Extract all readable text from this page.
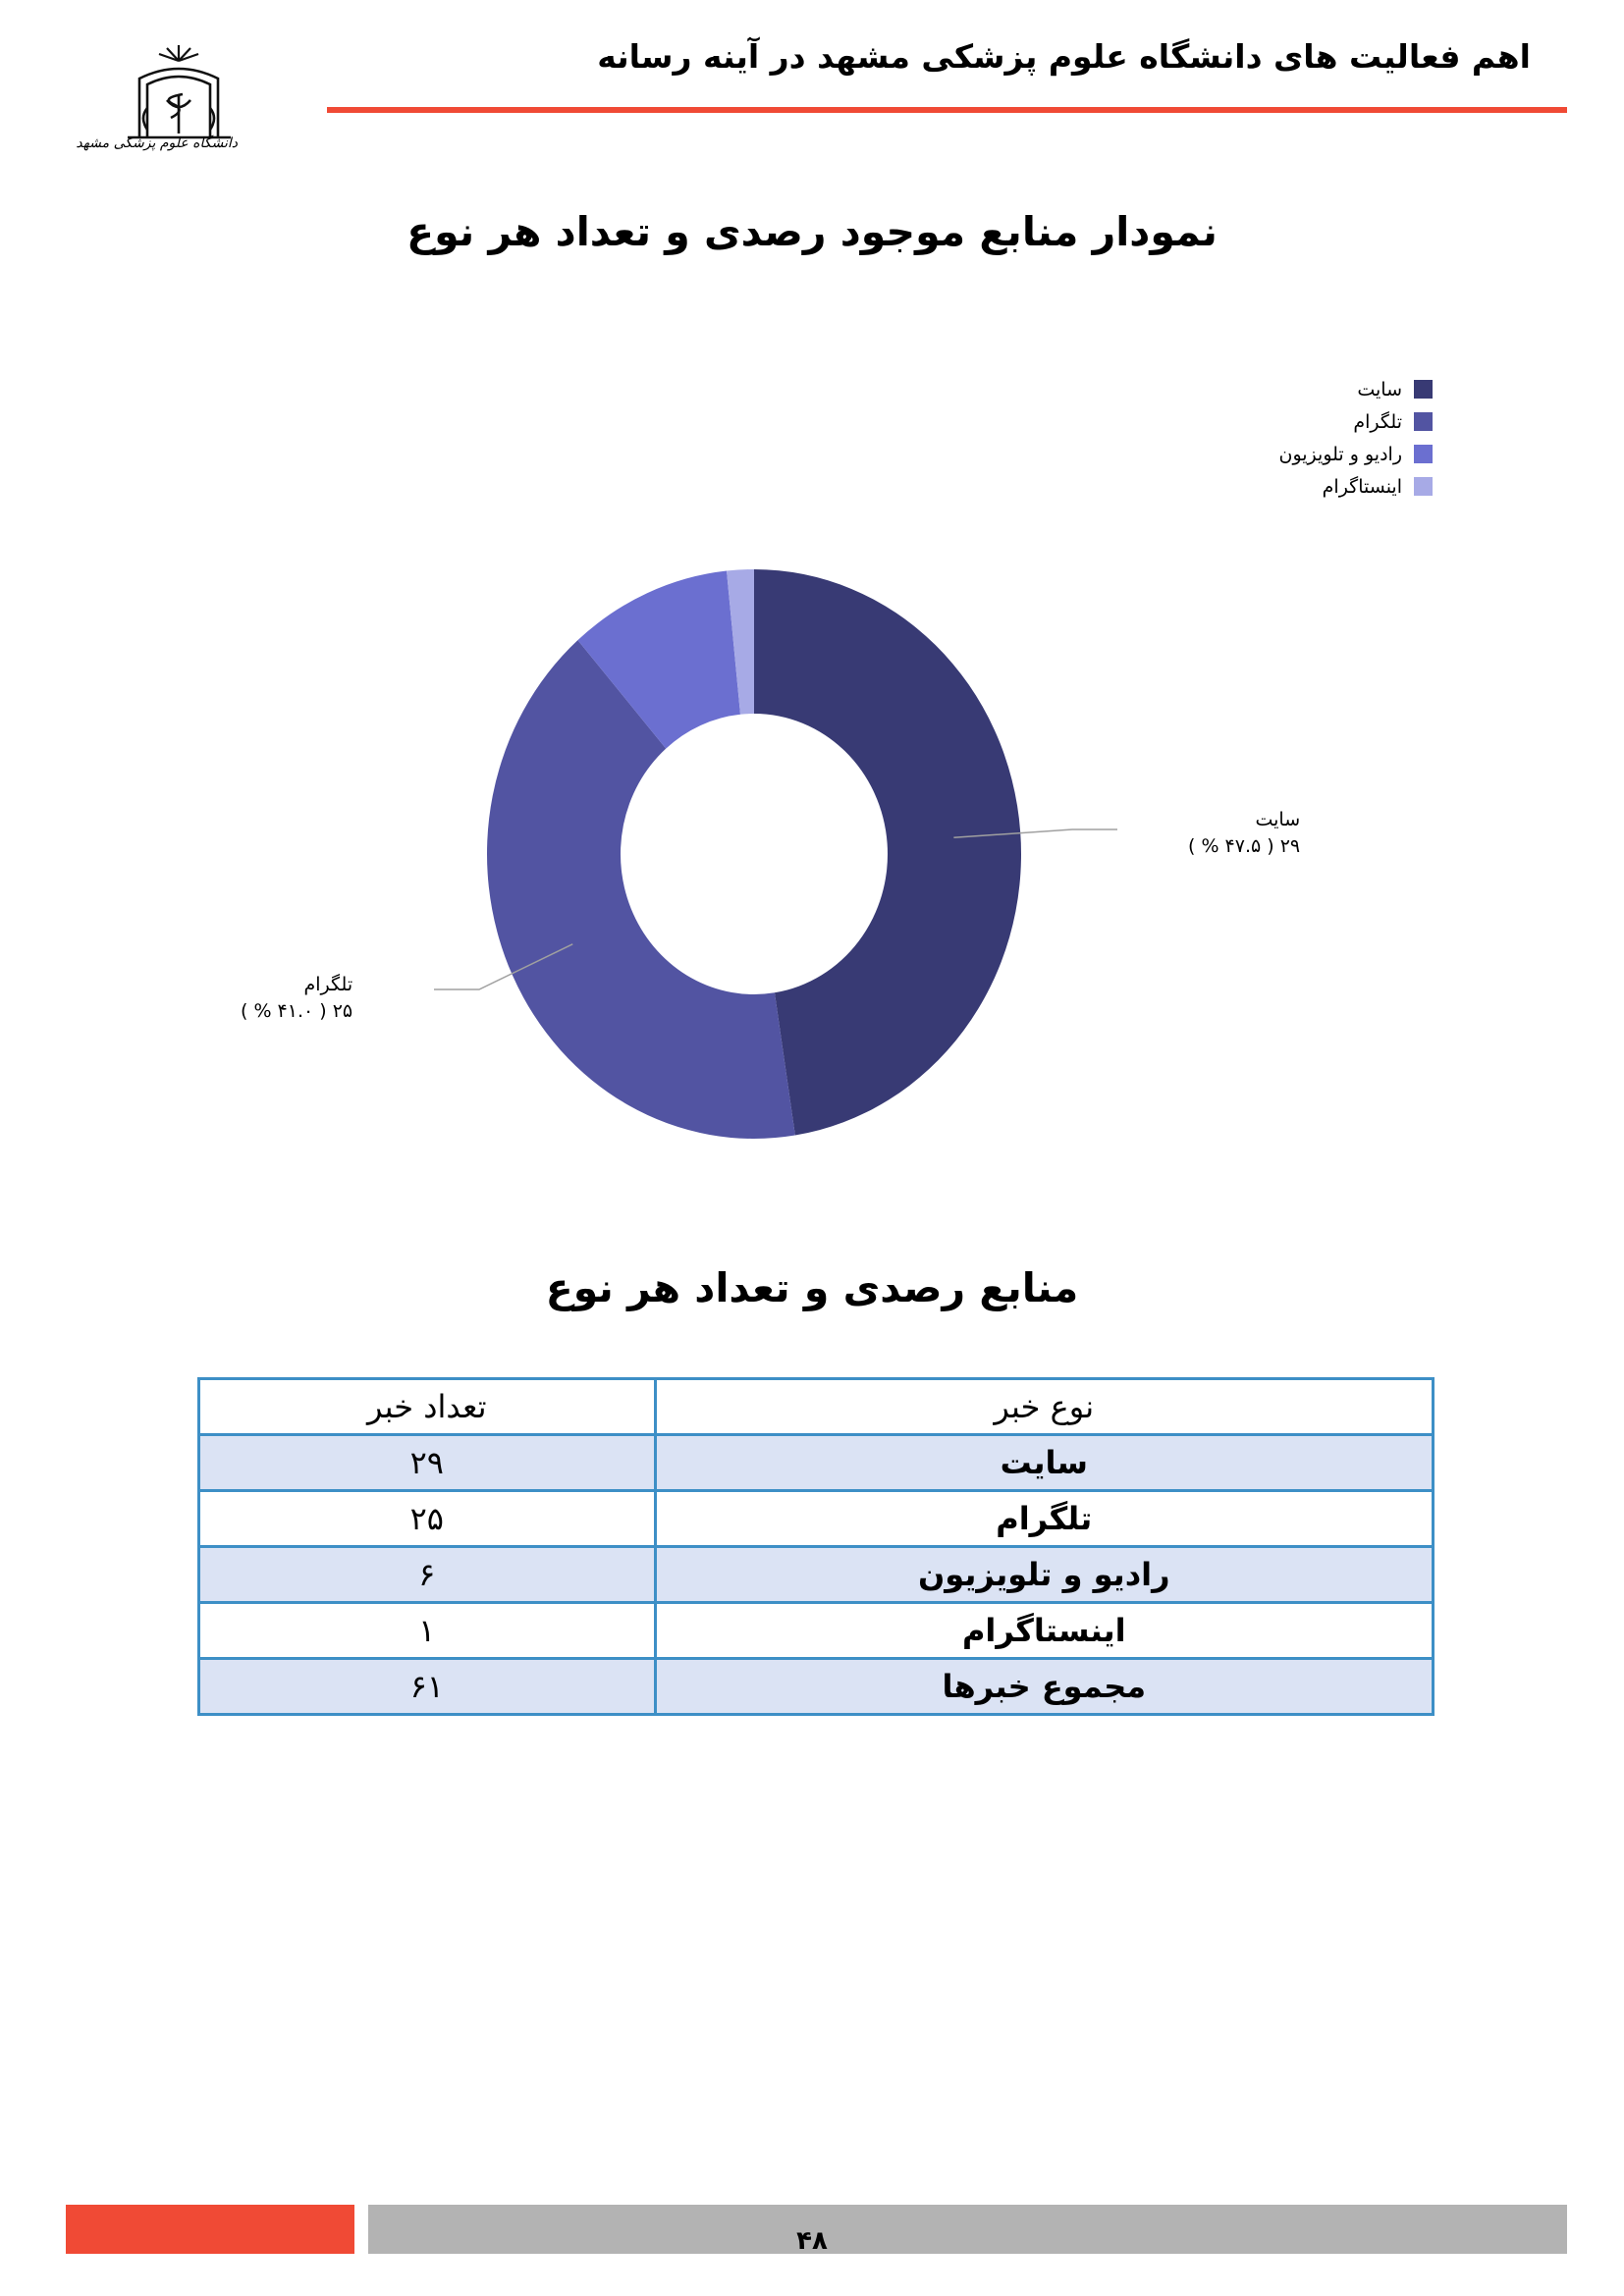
اهم فعالیت های دانشگاه علوم پزشکی مشهد در آینه رسانه
دانشگاه علوم پزشکی مشهد
نمودار منابع موجود رصدی و تعداد هر نوع
سایت
تلگرام
رادیو و تلویزیون
اینستاگرام
سایت
۲۹ ( ۴۷.۵ % )
تلگرام
۲۵ ( ۴۱.۰ % )
منابع رصدی و تعداد هر نوع
نوع خبر	تعداد خبر
سایت	۲۹
تلگرام	۲۵
رادیو و تلویزیون	۶
اینستاگرام	۱
مجموع خبرها	۶۱
۴۸
